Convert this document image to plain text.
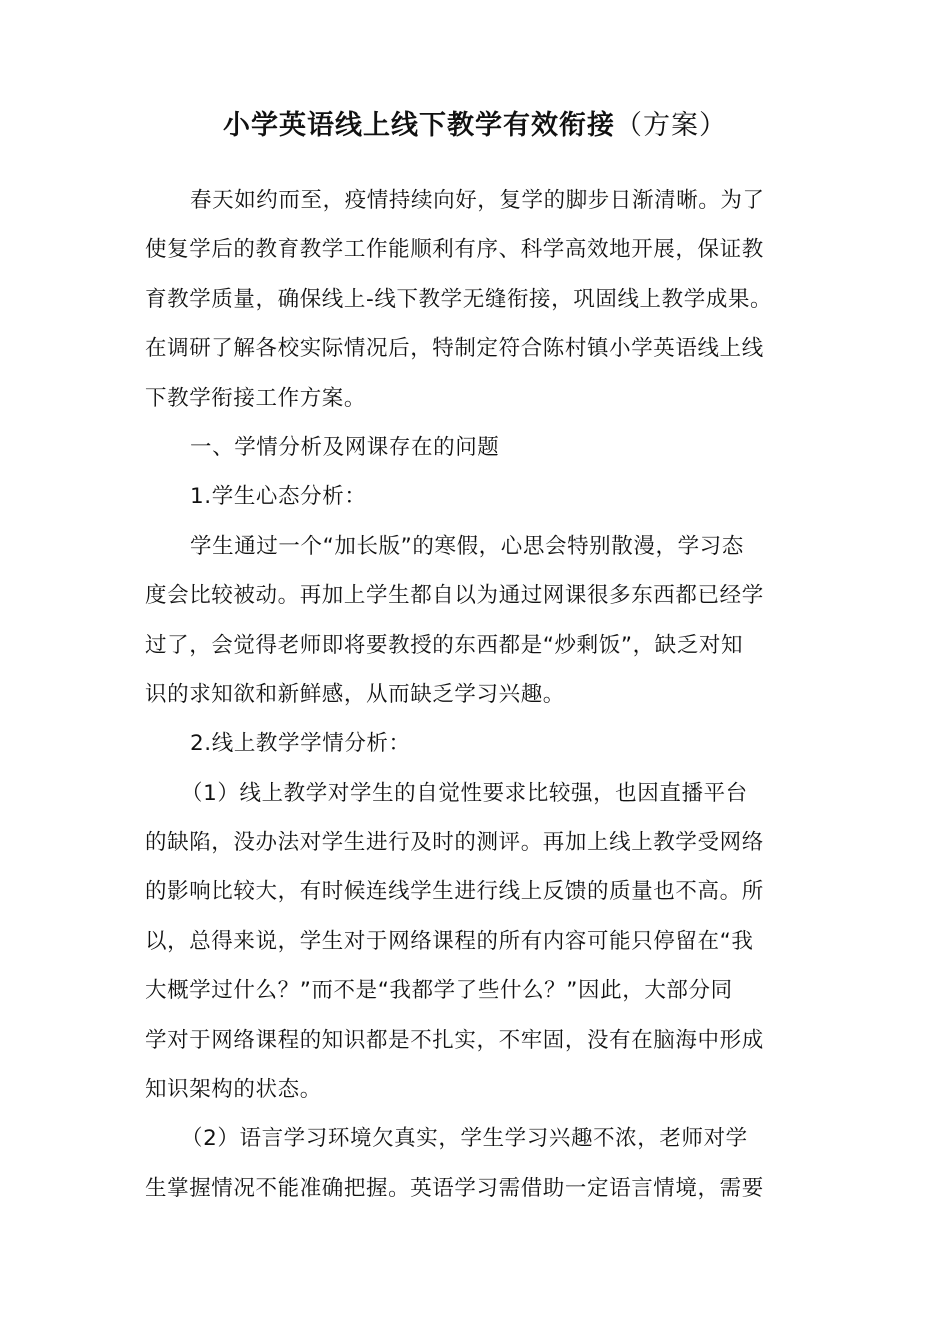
小学英语线上线下教学有效衔接（方案）
春天如约而至，疫情持续向好，复学的脚步日渐清晰。为了
使复学后的教育教学工作能顺利有序、科学高效地开展，保证教
育教学质量，确保线上-线下教学无缝衔接，巩固线上教学成果。
在调研了解各校实际情况后，特制定符合陈村镇小学英语线上线
下教学衔接工作方案。
一、学情分析及网课存在的问题
1.学生心态分析：
学生通过一个“加长版”的寒假，心思会特别散漫，学习态
度会比较被动。再加上学生都自以为通过网课很多东西都已经学
过了，会觉得老师即将要教授的东西都是“炒剩饭”，缺乏对知
识的求知欲和新鲜感，从而缺乏学习兴趣。
2.线上教学学情分析：
（1）线上教学对学生的自觉性要求比较强，也因直播平台
的缺陷，没办法对学生进行及时的测评。再加上线上教学受网络
的影响比较大，有时候连线学生进行线上反馈的质量也不高。所
以，总得来说，学生对于网络课程的所有内容可能只停留在“我
大概学过什么？”而不是“我都学了些什么？”因此，大部分同
学对于网络课程的知识都是不扎实，不牢固，没有在脑海中形成
知识架构的状态。
（2）语言学习环境欠真实，学生学习兴趣不浓，老师对学
生掌握情况不能准确把握。英语学习需借助一定语言情境，需要
